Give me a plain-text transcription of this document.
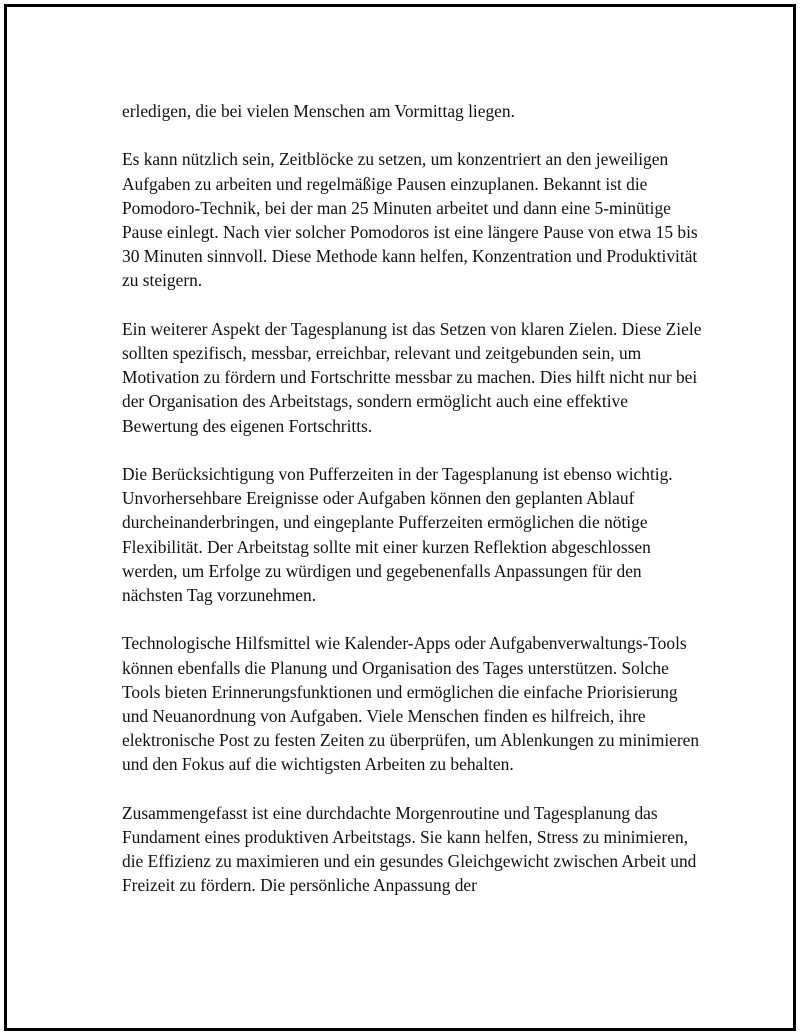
erledigen, die bei vielen Menschen am Vormittag liegen.

Es kann nützlich sein, Zeitblöcke zu setzen, um konzentriert an den jeweiligen Aufgaben zu arbeiten und regelmäßige Pausen einzuplanen. Bekannt ist die Pomodoro-Technik, bei der man 25 Minuten arbeitet und dann eine 5-minütige Pause einlegt. Nach vier solcher Pomodoros ist eine längere Pause von etwa 15 bis 30 Minuten sinnvoll. Diese Methode kann helfen, Konzentration und Produktivität zu steigern.

Ein weiterer Aspekt der Tagesplanung ist das Setzen von klaren Zielen. Diese Ziele sollten spezifisch, messbar, erreichbar, relevant und zeitgebunden sein, um Motivation zu fördern und Fortschritte messbar zu machen. Dies hilft nicht nur bei der Organisation des Arbeitstags, sondern ermöglicht auch eine effektive Bewertung des eigenen Fortschritts.

Die Berücksichtigung von Pufferzeiten in der Tagesplanung ist ebenso wichtig. Unvorhersehbare Ereignisse oder Aufgaben können den geplanten Ablauf durcheinanderbringen, und eingeplante Pufferzeiten ermöglichen die nötige Flexibilität. Der Arbeitstag sollte mit einer kurzen Reflektion abgeschlossen werden, um Erfolge zu würdigen und gegebenenfalls Anpassungen für den nächsten Tag vorzunehmen.

Technologische Hilfsmittel wie Kalender-Apps oder Aufgabenverwaltungs-Tools können ebenfalls die Planung und Organisation des Tages unterstützen. Solche Tools bieten Erinnerungsfunktionen und ermöglichen die einfache Priorisierung und Neuanordnung von Aufgaben. Viele Menschen finden es hilfreich, ihre elektronische Post zu festen Zeiten zu überprüfen, um Ablenkungen zu minimieren und den Fokus auf die wichtigsten Arbeiten zu behalten.

Zusammengefasst ist eine durchdachte Morgenroutine und Tagesplanung das Fundament eines produktiven Arbeitstags. Sie kann helfen, Stress zu minimieren, die Effizienz zu maximieren und ein gesundes Gleichgewicht zwischen Arbeit und Freizeit zu fördern. Die persönliche Anpassung der
